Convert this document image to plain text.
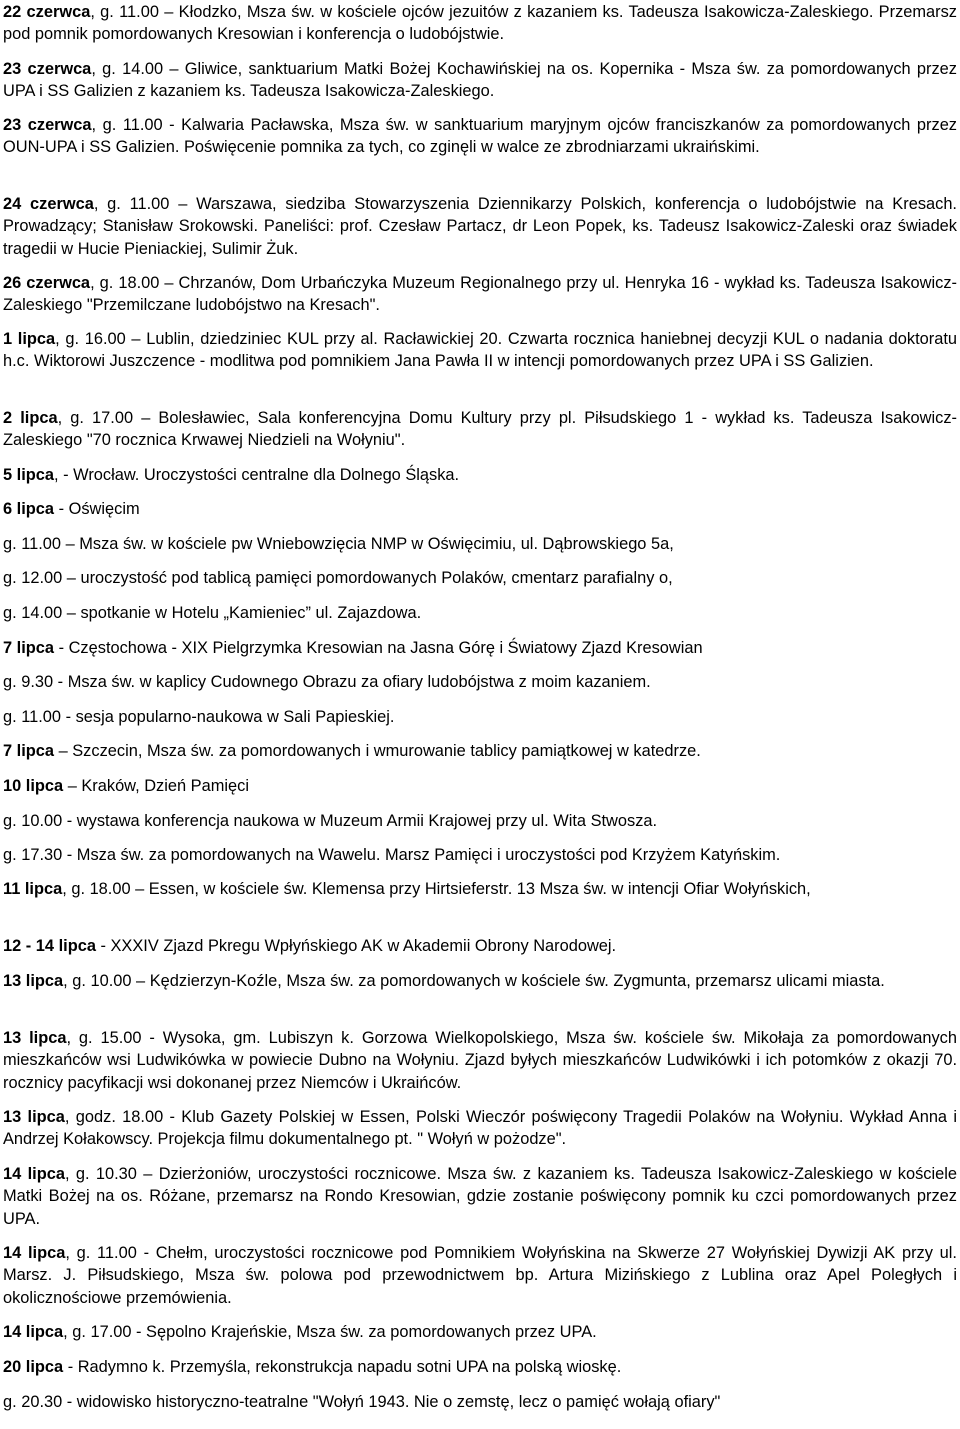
22 czerwca, g. 11.00 – Kłodzko, Msza św. w kościele ojców jezuitów z kazaniem ks. Tadeusza Isakowicza-Zaleskiego. Przemarsz pod pomnik pomordowanych Kresowian i konferencja o ludobójstwie.

23 czerwca, g. 14.00 – Gliwice, sanktuarium Matki Bożej Kochawińskiej na os. Kopernika - Msza św. za pomordowanych przez UPA i SS Galizien z kazaniem ks. Tadeusza Isakowicza-Zaleskiego.

23 czerwca, g. 11.00 - Kalwaria Pacławska, Msza św. w sanktuarium maryjnym ojców franciszkanów za pomordowanych przez OUN-UPA i SS Galizien. Poświęcenie pomnika za tych, co zginęli w walce ze zbrodniarzami ukraińskimi.

24 czerwca, g. 11.00 – Warszawa, siedziba Stowarzyszenia Dziennikarzy Polskich, konferencja o ludobójstwie na Kresach. Prowadzący; Stanisław Srokowski. Paneliści: prof. Czesław Partacz, dr Leon Popek, ks. Tadeusz Isakowicz-Zaleski oraz świadek tragedii w Hucie Pieniackiej, Sulimir Żuk.

26 czerwca, g. 18.00 – Chrzanów, Dom Urbańczyka Muzeum Regionalnego przy ul. Henryka 16 - wykład ks. Tadeusza Isakowicz-Zaleskiego "Przemilczane ludobójstwo na Kresach".

1 lipca, g. 16.00 – Lublin, dziedziniec KUL przy al. Racławickiej 20. Czwarta rocznica haniebnej decyzji KUL o nadania doktoratu h.c. Wiktorowi Juszczence - modlitwa pod pomnikiem Jana Pawła II w intencji pomordowanych przez UPA i SS Galizien.

2 lipca, g. 17.00 – Bolesławiec, Sala konferencyjna Domu Kultury przy pl. Piłsudskiego 1 - wykład ks. Tadeusza Isakowicz-Zaleskiego "70 rocznica Krwawej Niedzieli na Wołyniu".

5 lipca, - Wrocław. Uroczystości centralne dla Dolnego Śląska.

6 lipca - Oświęcim

g. 11.00 – Msza św. w kościele pw Wniebowzięcia NMP w Oświęcimiu, ul. Dąbrowskiego 5a,

g. 12.00 – uroczystość pod tablicą pamięci pomordowanych Polaków, cmentarz parafialny o,

g. 14.00 – spotkanie w Hotelu „Kamieniec” ul. Zajazdowa.

7 lipca - Częstochowa - XIX Pielgrzymka Kresowian na Jasna Górę i Światowy Zjazd Kresowian

g. 9.30 - Msza św. w kaplicy Cudownego Obrazu za ofiary ludobójstwa z moim kazaniem.

g. 11.00 - sesja popularno-naukowa w Sali Papieskiej.

7 lipca – Szczecin, Msza św. za pomordowanych i wmurowanie tablicy pamiątkowej w katedrze.

10 lipca – Kraków, Dzień Pamięci

g. 10.00 - wystawa konferencja naukowa w Muzeum Armii Krajowej przy ul. Wita Stwosza.

g. 17.30 - Msza św. za pomordowanych na Wawelu. Marsz Pamięci i uroczystości pod Krzyżem Katyńskim.

11 lipca, g. 18.00 – Essen, w kościele św. Klemensa przy Hirtsieferstr. 13 Msza św. w intencji Ofiar Wołyńskich,

12 - 14 lipca - XXXIV Zjazd Pkregu Wpłyńskiego AK w Akademii Obrony Narodowej.

13 lipca, g. 10.00 – Kędzierzyn-Koźle, Msza św. za pomordowanych w kościele św. Zygmunta, przemarsz ulicami miasta.

13 lipca, g. 15.00 - Wysoka, gm. Lubiszyn k. Gorzowa Wielkopolskiego, Msza św. kościele św. Mikołaja za pomordowanych mieszkańców wsi Ludwikówka w powiecie Dubno na Wołyniu. Zjazd byłych mieszkańców Ludwikówki i ich potomków z okazji 70. rocznicy pacyfikacji wsi dokonanej przez Niemców i Ukraińców.

13 lipca, godz. 18.00 - Klub Gazety Polskiej w Essen, Polski Wieczór poświęcony Tragedii Polaków na Wołyniu. Wykład Anna i Andrzej Kołakowscy. Projekcja filmu dokumentalnego pt. " Wołyń w pożodze".

14 lipca, g. 10.30 – Dzierżoniów, uroczystości rocznicowe. Msza św. z kazaniem ks. Tadeusza Isakowicz-Zaleskiego w kościele Matki Bożej na os. Różane, przemarsz na Rondo Kresowian, gdzie zostanie poświęcony pomnik ku czci pomordowanych przez UPA.

14 lipca, g. 11.00 - Chełm, uroczystości rocznicowe pod Pomnikiem Wołyńskina na Skwerze 27 Wołyńskiej Dywizji AK przy ul. Marsz. J. Piłsudskiego, Msza św. polowa pod przewodnictwem bp. Artura Mizińskiego z Lublina oraz Apel Poległych i okolicznościowe przemówienia.

14 lipca, g. 17.00 - Sępolno Krajeńskie, Msza św. za pomordowanych przez UPA.

20 lipca - Radymno k. Przemyśla, rekonstrukcja napadu sotni UPA na polską wioskę.

g. 20.30 - widowisko historyczno-teatralne "Wołyń 1943. Nie o zemstę, lecz o pamięć wołają ofiary"
